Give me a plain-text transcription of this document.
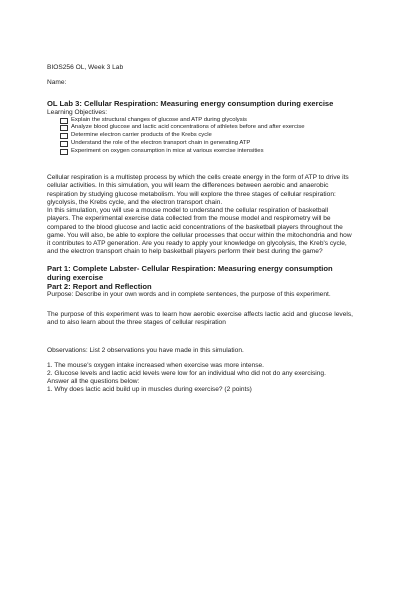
BIOS256 OL, Week 3 Lab

Name:

OL Lab 3: Cellular Respiration: Measuring energy consumption during exercise

Learning Objectives:

Explain the structural changes of glucose and ATP during glycolysis
Analyze blood glucose and lactic acid concentrations of athletes before and after exercise
Determine electron carrier products of the Krebs cycle
Understand the role of the electron transport chain in generating ATP
Experiment on oxygen consumption in mice at various exercise intensities

Cellular respiration is a multistep process by which the cells create energy in the form of ATP to drive its cellular activities. In this simulation, you will learn the differences between aerobic and anaerobic respiration by studying glucose metabolism. You will explore the three stages of cellular respiration: glycolysis, the Krebs cycle, and the electron transport chain.

In this simulation, you will use a mouse model to understand the cellular respiration of basketball players. The experimental exercise data collected from the mouse model and respirometry will be compared to the blood glucose and lactic acid concentrations of the basketball players throughout the game. You will also, be able to explore the cellular processes that occur within the mitochondria and how it contributes to ATP generation. Are you ready to apply your knowledge on glycolysis, the Kreb's cycle, and the electron transport chain to help basketball players perform their best during the game?

Part 1: Complete Labster- Cellular Respiration: Measuring energy consumption during exercise

Part 2: Report and Reflection

Purpose: Describe in your own words and in complete sentences, the purpose of this experiment.

The purpose of this experiment was to learn how aerobic exercise affects lactic acid and glucose levels, and to also learn about the three stages of cellular respiration

Observations: List 2 observations you have made in this simulation.

1. The mouse's oxygen intake increased when exercise was more intense.

2. Glucose levels and lactic acid levels were low for an individual who did not do any exercising.

Answer all the questions below:

1. Why does lactic acid build up in muscles during exercise? (2 points)
